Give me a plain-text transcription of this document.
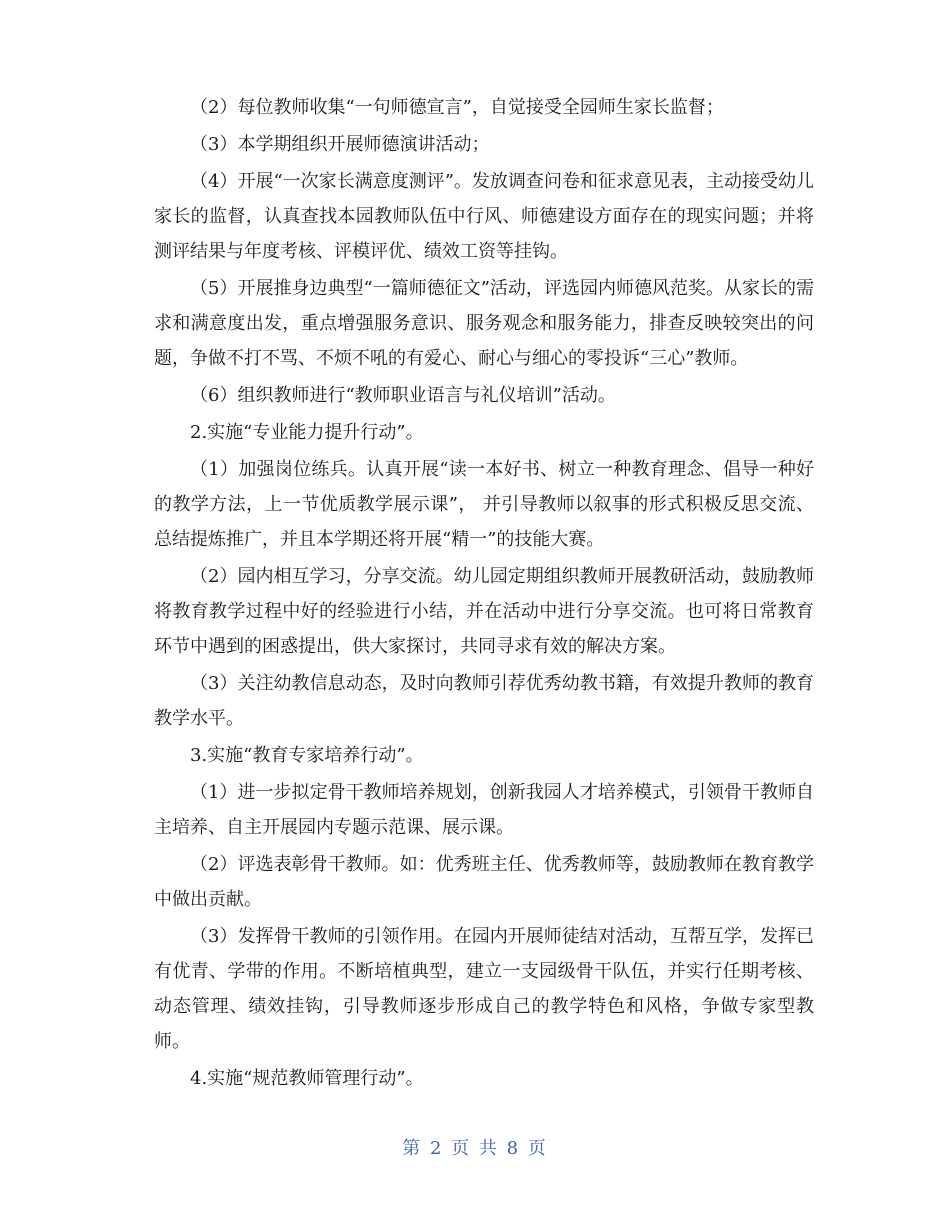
（2）每位教师收集“一句师德宣言”，自觉接受全园师生家长监督；

（3）本学期组织开展师德演讲活动；

（4）开展“一次家长满意度测评”。发放调查问卷和征求意见表，主动接受幼儿家长的监督，认真查找本园教师队伍中行风、师德建设方面存在的现实问题；并将测评结果与年度考核、评模评优、绩效工资等挂钩。

（5）开展推身边典型“一篇师德征文”活动，评选园内师德风范奖。从家长的需求和满意度出发，重点增强服务意识、服务观念和服务能力，排查反映较突出的问题，争做不打不骂、不烦不吼的有爱心、耐心与细心的零投诉“三心”教师。

（6）组织教师进行“教师职业语言与礼仪培训”活动。

2.实施“专业能力提升行动”。

（1）加强岗位练兵。认真开展“读一本好书、树立一种教育理念、倡导一种好的教学方法，上一节优质教学展示课”， 并引导教师以叙事的形式积极反思交流、总结提炼推广，并且本学期还将开展“精一”的技能大赛。

（2）园内相互学习，分享交流。幼儿园定期组织教师开展教研活动，鼓励教师将教育教学过程中好的经验进行小结，并在活动中进行分享交流。也可将日常教育环节中遇到的困惑提出，供大家探讨，共同寻求有效的解决方案。

（3）关注幼教信息动态，及时向教师引荐优秀幼教书籍，有效提升教师的教育教学水平。

3.实施“教育专家培养行动”。

（1）进一步拟定骨干教师培养规划，创新我园人才培养模式，引领骨干教师自主培养、自主开展园内专题示范课、展示课。

（2）评选表彰骨干教师。如：优秀班主任、优秀教师等，鼓励教师在教育教学中做出贡献。

（3）发挥骨干教师的引领作用。在园内开展师徒结对活动，互帮互学，发挥已有优青、学带的作用。不断培植典型，建立一支园级骨干队伍，并实行任期考核、动态管理、绩效挂钩，引导教师逐步形成自己的教学特色和风格，争做专家型教师。

4.实施“规范教师管理行动”。

第 2 页 共 8 页
